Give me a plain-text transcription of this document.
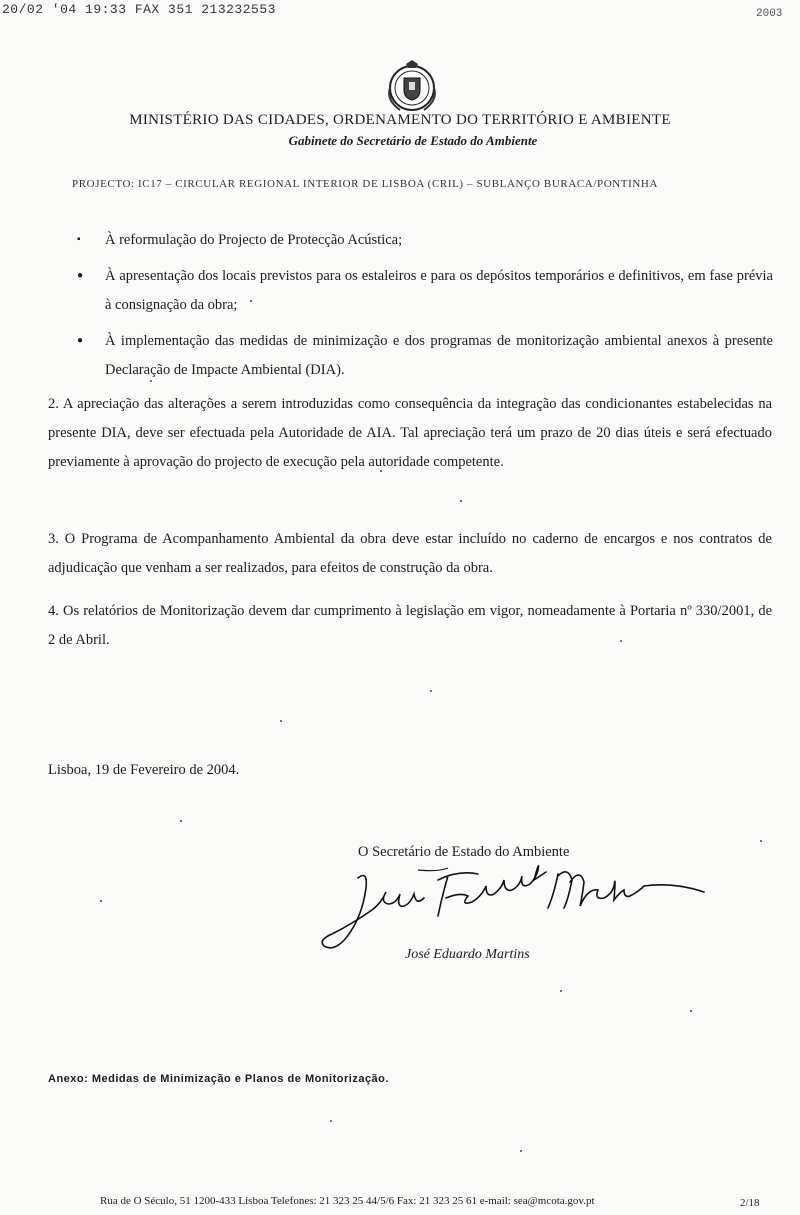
20/02 '04 19:33 FAX 351 213232553	2003
MINISTÉRIO DAS CIDADES, ORDENAMENTO DO TERRITÓRIO E AMBIENTE
Gabinete do Secretário de Estado do Ambiente
PROJECTO: IC17 – CIRCULAR REGIONAL INTERIOR DE LISBOA (CRIL) – SUBLANÇO BURACA/PONTINHA
▪	À reformulação do Projecto de Protecção Acústica;

●	À apresentação dos locais previstos para os estaleiros e para os depósitos temporários e definitivos, em fase prévia à consignação da obra;

●	À implementação das medidas de minimização e dos programas de monitorização ambiental anexos à presente Declaração de Impacte Ambiental (DIA).

2. A apreciação das alterações a serem introduzidas como consequência da integração das condicionantes estabelecidas na presente DIA, deve ser efectuada pela Autoridade de AIA. Tal apreciação terá um prazo de 20 dias úteis e será efectuado previamente à aprovação do projecto de execução pela autoridade competente.

3. O Programa de Acompanhamento Ambiental da obra deve estar incluído no caderno de encargos e nos contratos de adjudicação que venham a ser realizados, para efeitos de construção da obra.

4. Os relatórios de Monitorização devem dar cumprimento à legislação em vigor, nomeadamente à Portaria nº 330/2001, de 2 de Abril.

Lisboa, 19 de Fevereiro de 2004.
O Secretário de Estado do Ambiente
José Eduardo Martins
Anexo: Medidas de Minimização e Planos de Monitorização.
Rua de O Século, 51 1200-433 Lisboa Telefones: 21 323 25 44/5/6 Fax: 21 323 25 61 e-mail: sea@mcota.gov.pt	2/18
